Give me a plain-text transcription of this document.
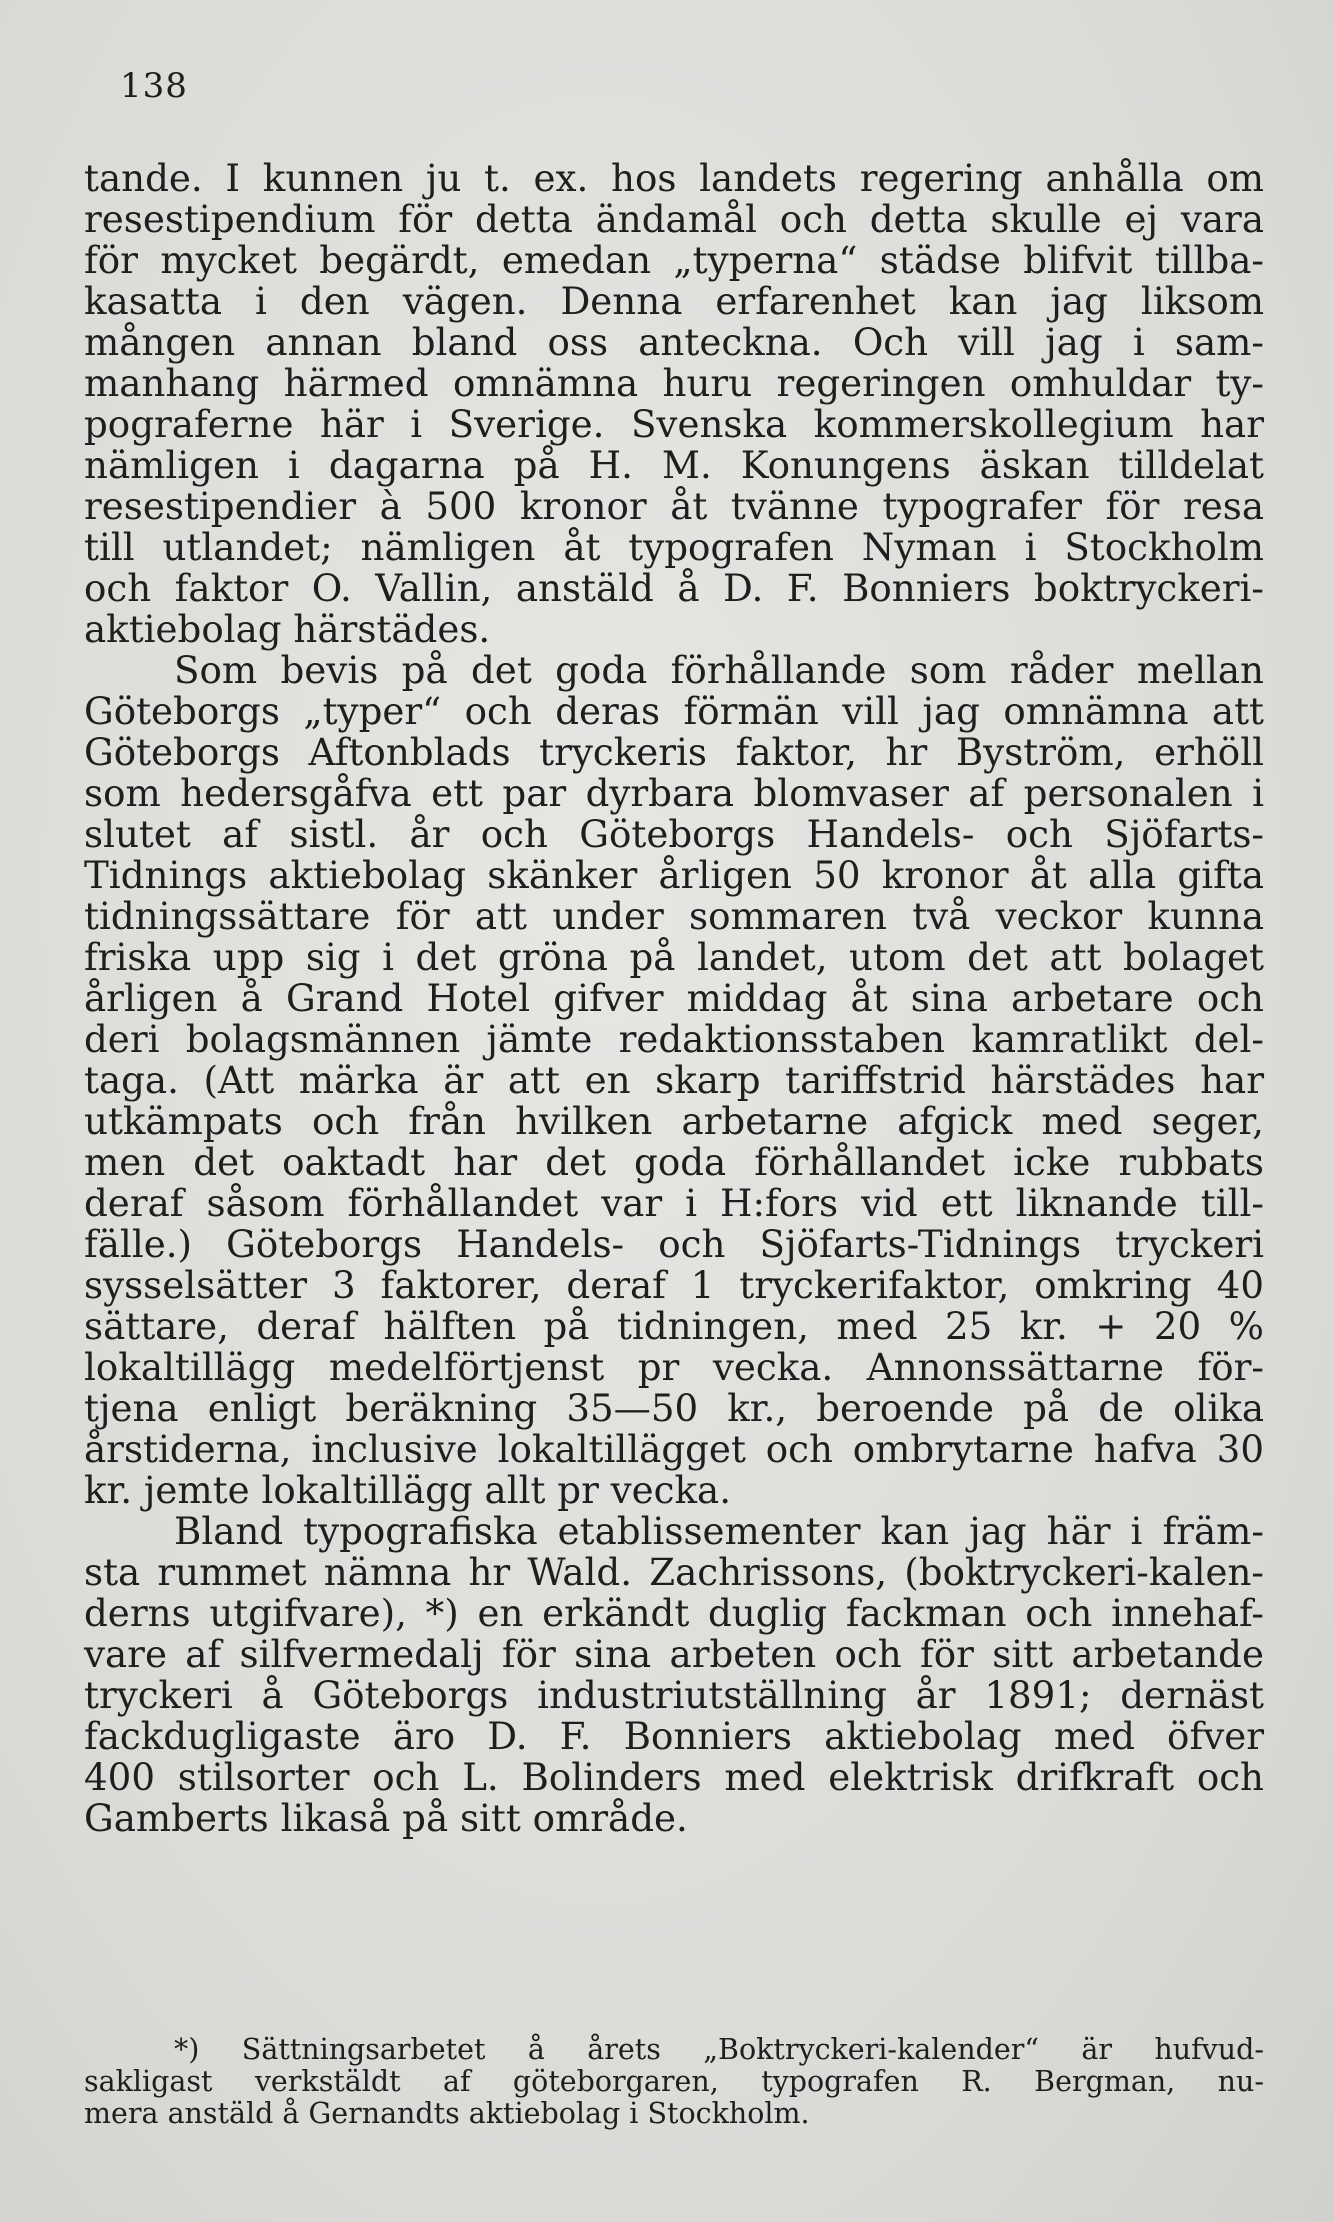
138
tande. I kunnen ju t. ex. hos landets regering anhålla om
resestipendium för detta ändamål och detta skulle ej vara
för mycket begärdt, emedan „typerna“ städse blifvit tillba-
kasatta i den vägen. Denna erfarenhet kan jag liksom
mången annan bland oss anteckna. Och vill jag i sam-
manhang härmed omnämna huru regeringen omhuldar ty-
pograferne här i Sverige. Svenska kommerskollegium har
nämligen i dagarna på H. M. Konungens äskan tilldelat
resestipendier à 500 kronor åt tvänne typografer för resa
till utlandet; nämligen åt typografen Nyman i Stockholm
och faktor O. Vallin, anstäld å D. F. Bonniers boktryckeri-
aktiebolag härstädes.
Som bevis på det goda förhållande som råder mellan
Göteborgs „typer“ och deras förmän vill jag omnämna att
Göteborgs Aftonblads tryckeris faktor, hr Byström, erhöll
som hedersgåfva ett par dyrbara blomvaser af personalen i
slutet af sistl. år och Göteborgs Handels- och Sjöfarts-
Tidnings aktiebolag skänker årligen 50 kronor åt alla gifta
tidningssättare för att under sommaren två veckor kunna
friska upp sig i det gröna på landet, utom det att bolaget
årligen å Grand Hotel gifver middag åt sina arbetare och
deri bolagsmännen jämte redaktionsstaben kamratlikt del-
taga. (Att märka är att en skarp tariffstrid härstädes har
utkämpats och från hvilken arbetarne afgick med seger,
men det oaktadt har det goda förhållandet icke rubbats
deraf såsom förhållandet var i H:fors vid ett liknande till-
fälle.) Göteborgs Handels- och Sjöfarts-Tidnings tryckeri
sysselsätter 3 faktorer, deraf 1 tryckerifaktor, omkring 40
sättare, deraf hälften på tidningen, med 25 kr. + 20 %
lokaltillägg medelförtjenst pr vecka. Annonssättarne för-
tjena enligt beräkning 35—50 kr., beroende på de olika
årstiderna, inclusive lokaltillägget och ombrytarne hafva 30
kr. jemte lokaltillägg allt pr vecka.
Bland typografiska etablissementer kan jag här i främ-
sta rummet nämna hr Wald. Zachrissons, (boktryckeri-kalen-
derns utgifvare), *) en erkändt duglig fackman och innehaf-
vare af silfvermedalj för sina arbeten och för sitt arbetande
tryckeri å Göteborgs industriutställning år 1891; dernäst
fackdugligaste äro D. F. Bonniers aktiebolag med öfver
400 stilsorter och L. Bolinders med elektrisk drifkraft och
Gamberts likaså på sitt område.
*) Sättningsarbetet å årets „Boktryckeri-kalender“ är hufvud-
sakligast verkstäldt af göteborgaren, typografen R. Bergman, nu-
mera anstäld å Gernandts aktiebolag i Stockholm.
